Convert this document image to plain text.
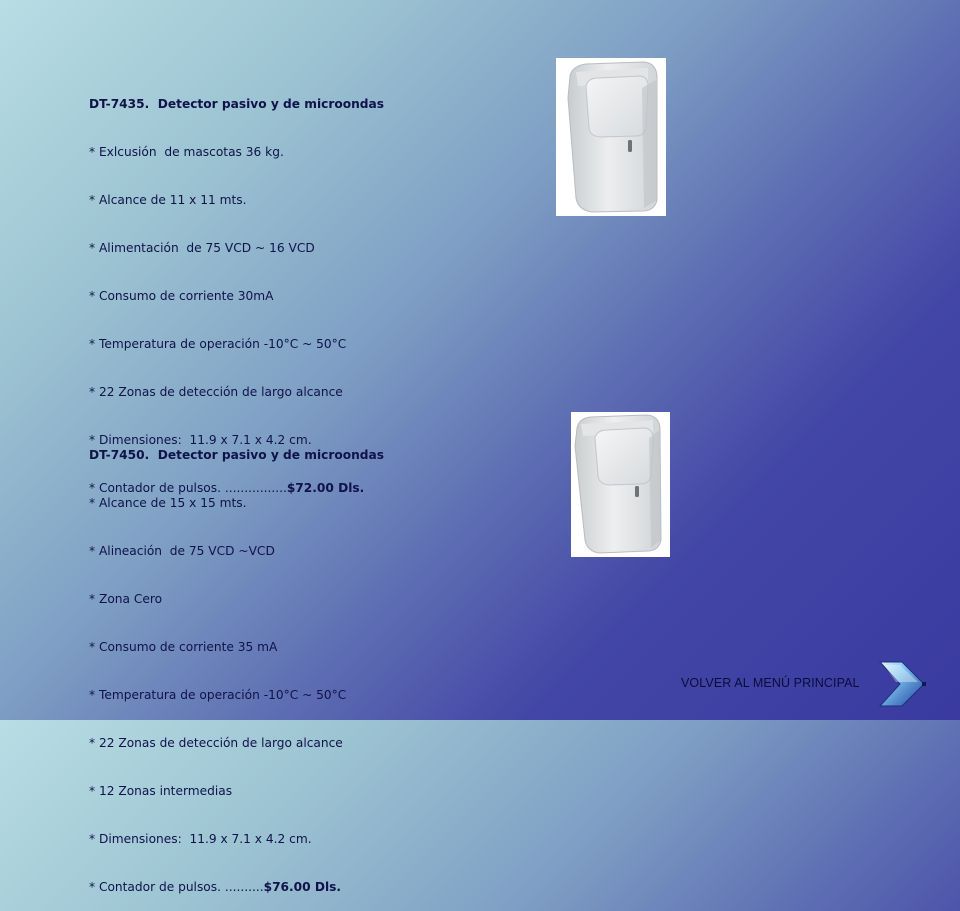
DT-7435.  Detector pasivo y de microondas

* Exlcusión  de mascotas 36 kg.

* Alcance de 11 x 11 mts.

* Alimentación  de 75 VCD ~ 16 VCD

* Consumo de corriente 30mA

* Temperatura de operación -10°C ~ 50°C

* 22 Zonas de detección de largo alcance

* Dimensiones:  11.9 x 7.1 x 4.2 cm.

* Contador de pulsos. ................$72.00 Dls.

DT-7450.  Detector pasivo y de microondas

* Alcance de 15 x 15 mts.

* Alineación  de 75 VCD ~VCD

* Zona Cero

* Consumo de corriente 35 mA

* Temperatura de operación -10°C ~ 50°C

* 22 Zonas de detección de largo alcance

* 12 Zonas intermedias

* Dimensiones:  11.9 x 7.1 x 4.2 cm.

* Contador de pulsos. ..........$76.00 Dls.

VOLVER AL MENÚ PRINCIPAL
